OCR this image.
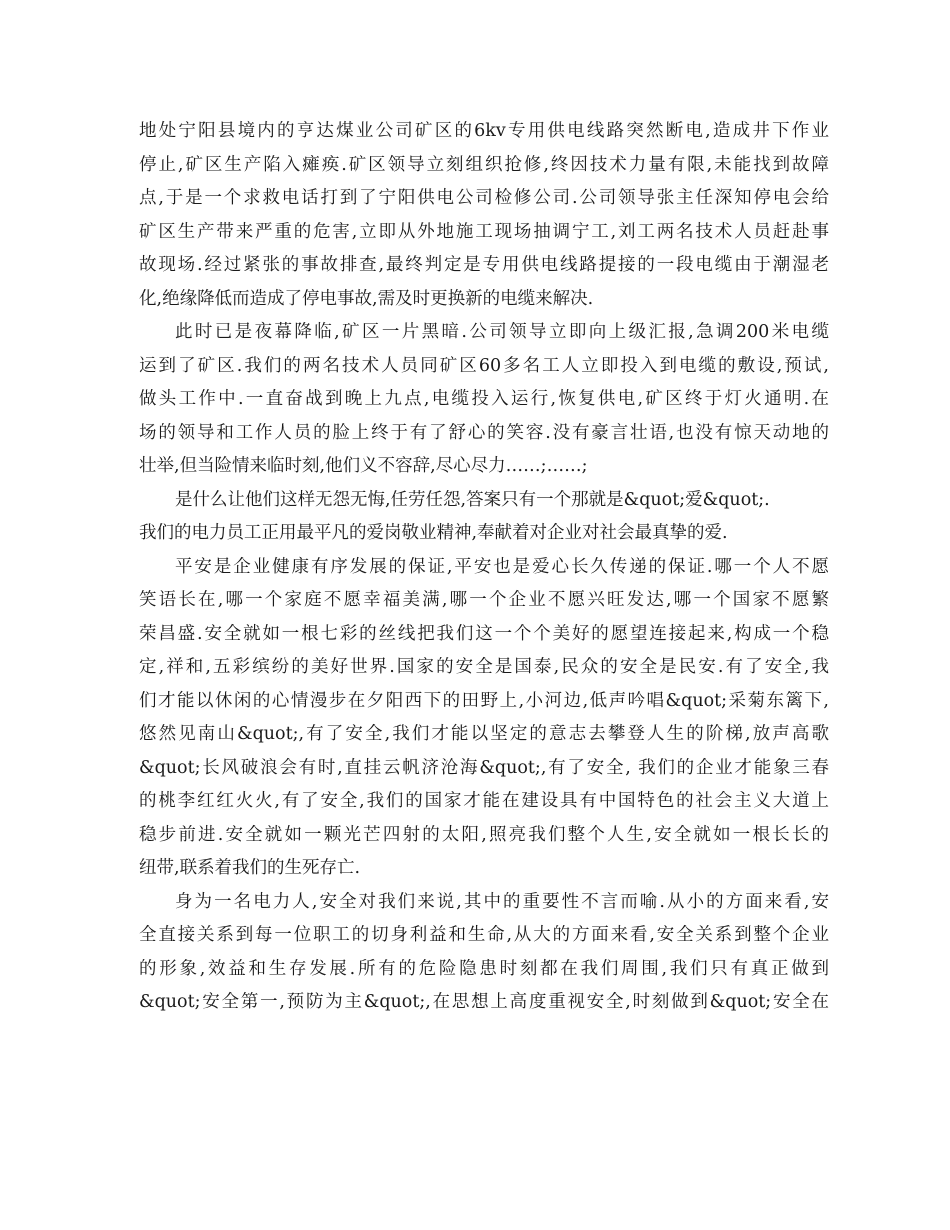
地处宁阳县境内的亨达煤业公司矿区的6kv专用供电线路突然断电,造成井下作业
停止,矿区生产陷入瘫痪.矿区领导立刻组织抢修,终因技术力量有限,未能找到故障
点,于是一个求救电话打到了宁阳供电公司检修公司.公司领导张主任深知停电会给
矿区生产带来严重的危害,立即从外地施工现场抽调宁工,刘工两名技术人员赶赴事
故现场.经过紧张的事故排查,最终判定是专用供电线路提接的一段电缆由于潮湿老
化,绝缘降低而造成了停电事故,需及时更换新的电缆来解决.
此时已是夜幕降临,矿区一片黑暗.公司领导立即向上级汇报,急调200米电缆
运到了矿区.我们的两名技术人员同矿区60多名工人立即投入到电缆的敷设,预试,
做头工作中.一直奋战到晚上九点,电缆投入运行,恢复供电,矿区终于灯火通明.在
场的领导和工作人员的脸上终于有了舒心的笑容.没有豪言壮语,也没有惊天动地的
壮举,但当险情来临时刻,他们义不容辞,尽心尽力……;……;
是什么让他们这样无怨无悔,任劳任怨,答案只有一个那就是&quot;爱&quot;.
我们的电力员工正用最平凡的爱岗敬业精神,奉献着对企业对社会最真挚的爱.
平安是企业健康有序发展的保证,平安也是爱心长久传递的保证.哪一个人不愿
笑语长在,哪一个家庭不愿幸福美满,哪一个企业不愿兴旺发达,哪一个国家不愿繁
荣昌盛.安全就如一根七彩的丝线把我们这一个个美好的愿望连接起来,构成一个稳
定,祥和,五彩缤纷的美好世界.国家的安全是国泰,民众的安全是民安.有了安全,我
们才能以休闲的心情漫步在夕阳西下的田野上,小河边,低声吟唱&quot;采菊东篱下,
悠然见南山&quot;,有了安全,我们才能以坚定的意志去攀登人生的阶梯,放声高歌
&quot;长风破浪会有时,直挂云帆济沧海&quot;,有了安全, 我们的企业才能象三春
的桃李红红火火,有了安全,我们的国家才能在建设具有中国特色的社会主义大道上
稳步前进.安全就如一颗光芒四射的太阳,照亮我们整个人生,安全就如一根长长的
纽带,联系着我们的生死存亡.
身为一名电力人,安全对我们来说,其中的重要性不言而喻.从小的方面来看,安
全直接关系到每一位职工的切身利益和生命,从大的方面来看,安全关系到整个企业
的形象,效益和生存发展.所有的危险隐患时刻都在我们周围,我们只有真正做到
&quot;安全第一,预防为主&quot;,在思想上高度重视安全,时刻做到&quot;安全在
